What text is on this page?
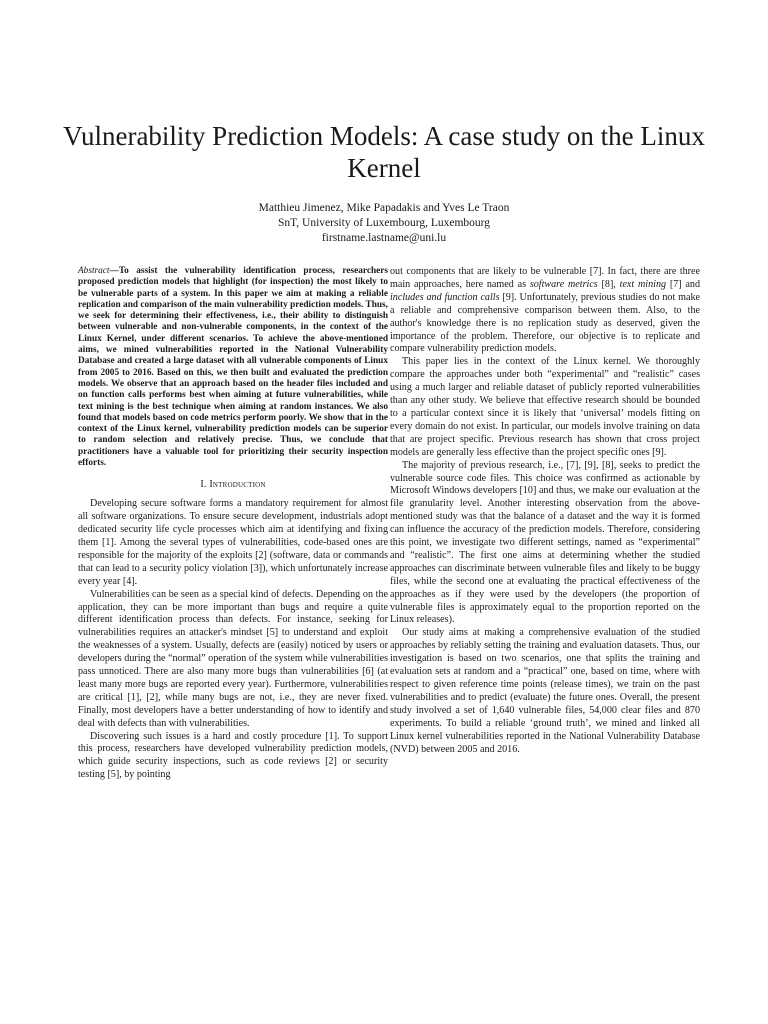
Vulnerability Prediction Models: A case study on the Linux Kernel
Matthieu Jimenez, Mike Papadakis and Yves Le Traon
SnT, University of Luxembourg, Luxembourg
firstname.lastname@uni.lu
Abstract—To assist the vulnerability identification process, researchers proposed prediction models that highlight (for inspection) the most likely to be vulnerable parts of a system. In this paper we aim at making a reliable replication and comparison of the main vulnerability prediction models. Thus, we seek for determining their effectiveness, i.e., their ability to distinguish between vulnerable and non-vulnerable components, in the context of the Linux Kernel, under different scenarios. To achieve the above-mentioned aims, we mined vulnerabilities reported in the National Vulnerability Database and created a large dataset with all vulnerable components of Linux from 2005 to 2016. Based on this, we then built and evaluated the prediction models. We observe that an approach based on the header files included and on function calls performs best when aiming at future vulnerabilities, while text mining is the best technique when aiming at random instances. We also found that models based on code metrics perform poorly. We show that in the context of the Linux kernel, vulnerability prediction models can be superior to random selection and relatively precise. Thus, we conclude that practitioners have a valuable tool for prioritizing their security inspection efforts.
I. Introduction

Developing secure software forms a mandatory requirement for almost all software organizations. To ensure secure development, industrials adopt dedicated security life cycle processes which aim at identifying and fixing them [1]. Among the several types of vulnerabilities, code-based ones are responsible for the majority of the exploits [2] (software, data or commands that can lead to a security policy violation [3]), which unfortunately increase every year [4].

Vulnerabilities can be seen as a special kind of defects. Depending on the application, they can be more important than bugs and require a quite different identification process than defects. For instance, seeking for vulnerabilities requires an attacker's mindset [5] to understand and exploit the weaknesses of a system. Usually, defects are (easily) noticed by users or developers during the “normal” operation of the system while vulnerabilities pass unnoticed. There are also many more bugs than vulnerabilities [6] (at least many more bugs are reported every year). Furthermore, vulnerabilities are critical [1], [2], while many bugs are not, i.e., they are never fixed. Finally, most developers have a better understanding of how to identify and deal with defects than with vulnerabilities.

Discovering such issues is a hard and costly procedure [1]. To support this process, researchers have developed vulnerability prediction models, which guide security inspections, such as code reviews [2] or security testing [5], by pointing

out components that are likely to be vulnerable [7]. In fact, there are three main approaches, here named as software metrics [8], text mining [7] and includes and function calls [9]. Unfortunately, previous studies do not make a reliable and comprehensive comparison between them. Also, to the author's knowledge there is no replication study as deserved, given the importance of the problem. Therefore, our objective is to replicate and compare vulnerability prediction models.

This paper lies in the context of the Linux kernel. We thoroughly compare the approaches under both “experimental” and “realistic” cases using a much larger and reliable dataset of publicly reported vulnerabilities than any other study. We believe that effective research should be bounded to a particular context since it is likely that ‘universal’ models fitting on every domain do not exist. In particular, our models involve training on data that are project specific. Previous research has shown that cross project models are generally less effective than the project specific ones [9].

The majority of previous research, i.e., [7], [9], [8], seeks to predict the vulnerable source code files. This choice was confirmed as actionable by Microsoft Windows developers [10] and thus, we make our evaluation at the file granularity level. Another interesting observation from the above-mentioned study was that the balance of a dataset and the way it is formed can influence the accuracy of the prediction models. Therefore, considering this point, we investigate two different settings, named as “experimental” and “realistic”. The first one aims at determining whether the studied approaches can discriminate between vulnerable files and likely to be buggy files, while the second one at evaluating the practical effectiveness of the approaches as if they were used by the developers (the proportion of vulnerable files is approximately equal to the proportion reported on the Linux releases).

Our study aims at making a comprehensive evaluation of the studied approaches by reliably setting the training and evaluation datasets. Thus, our investigation is based on two scenarios, one that splits the training and evaluation sets at random and a “practical” one, based on time, where with respect to given reference time points (release times), we train on the past vulnerabilities and to predict (evaluate) the future ones. Overall, the present study involved a set of 1,640 vulnerable files, 54,000 clear files and 870 experiments. To build a reliable ‘ground truth’, we mined and linked all Linux kernel vulnerabilities reported in the National Vulnerability Database (NVD) between 2005 and 2016.
